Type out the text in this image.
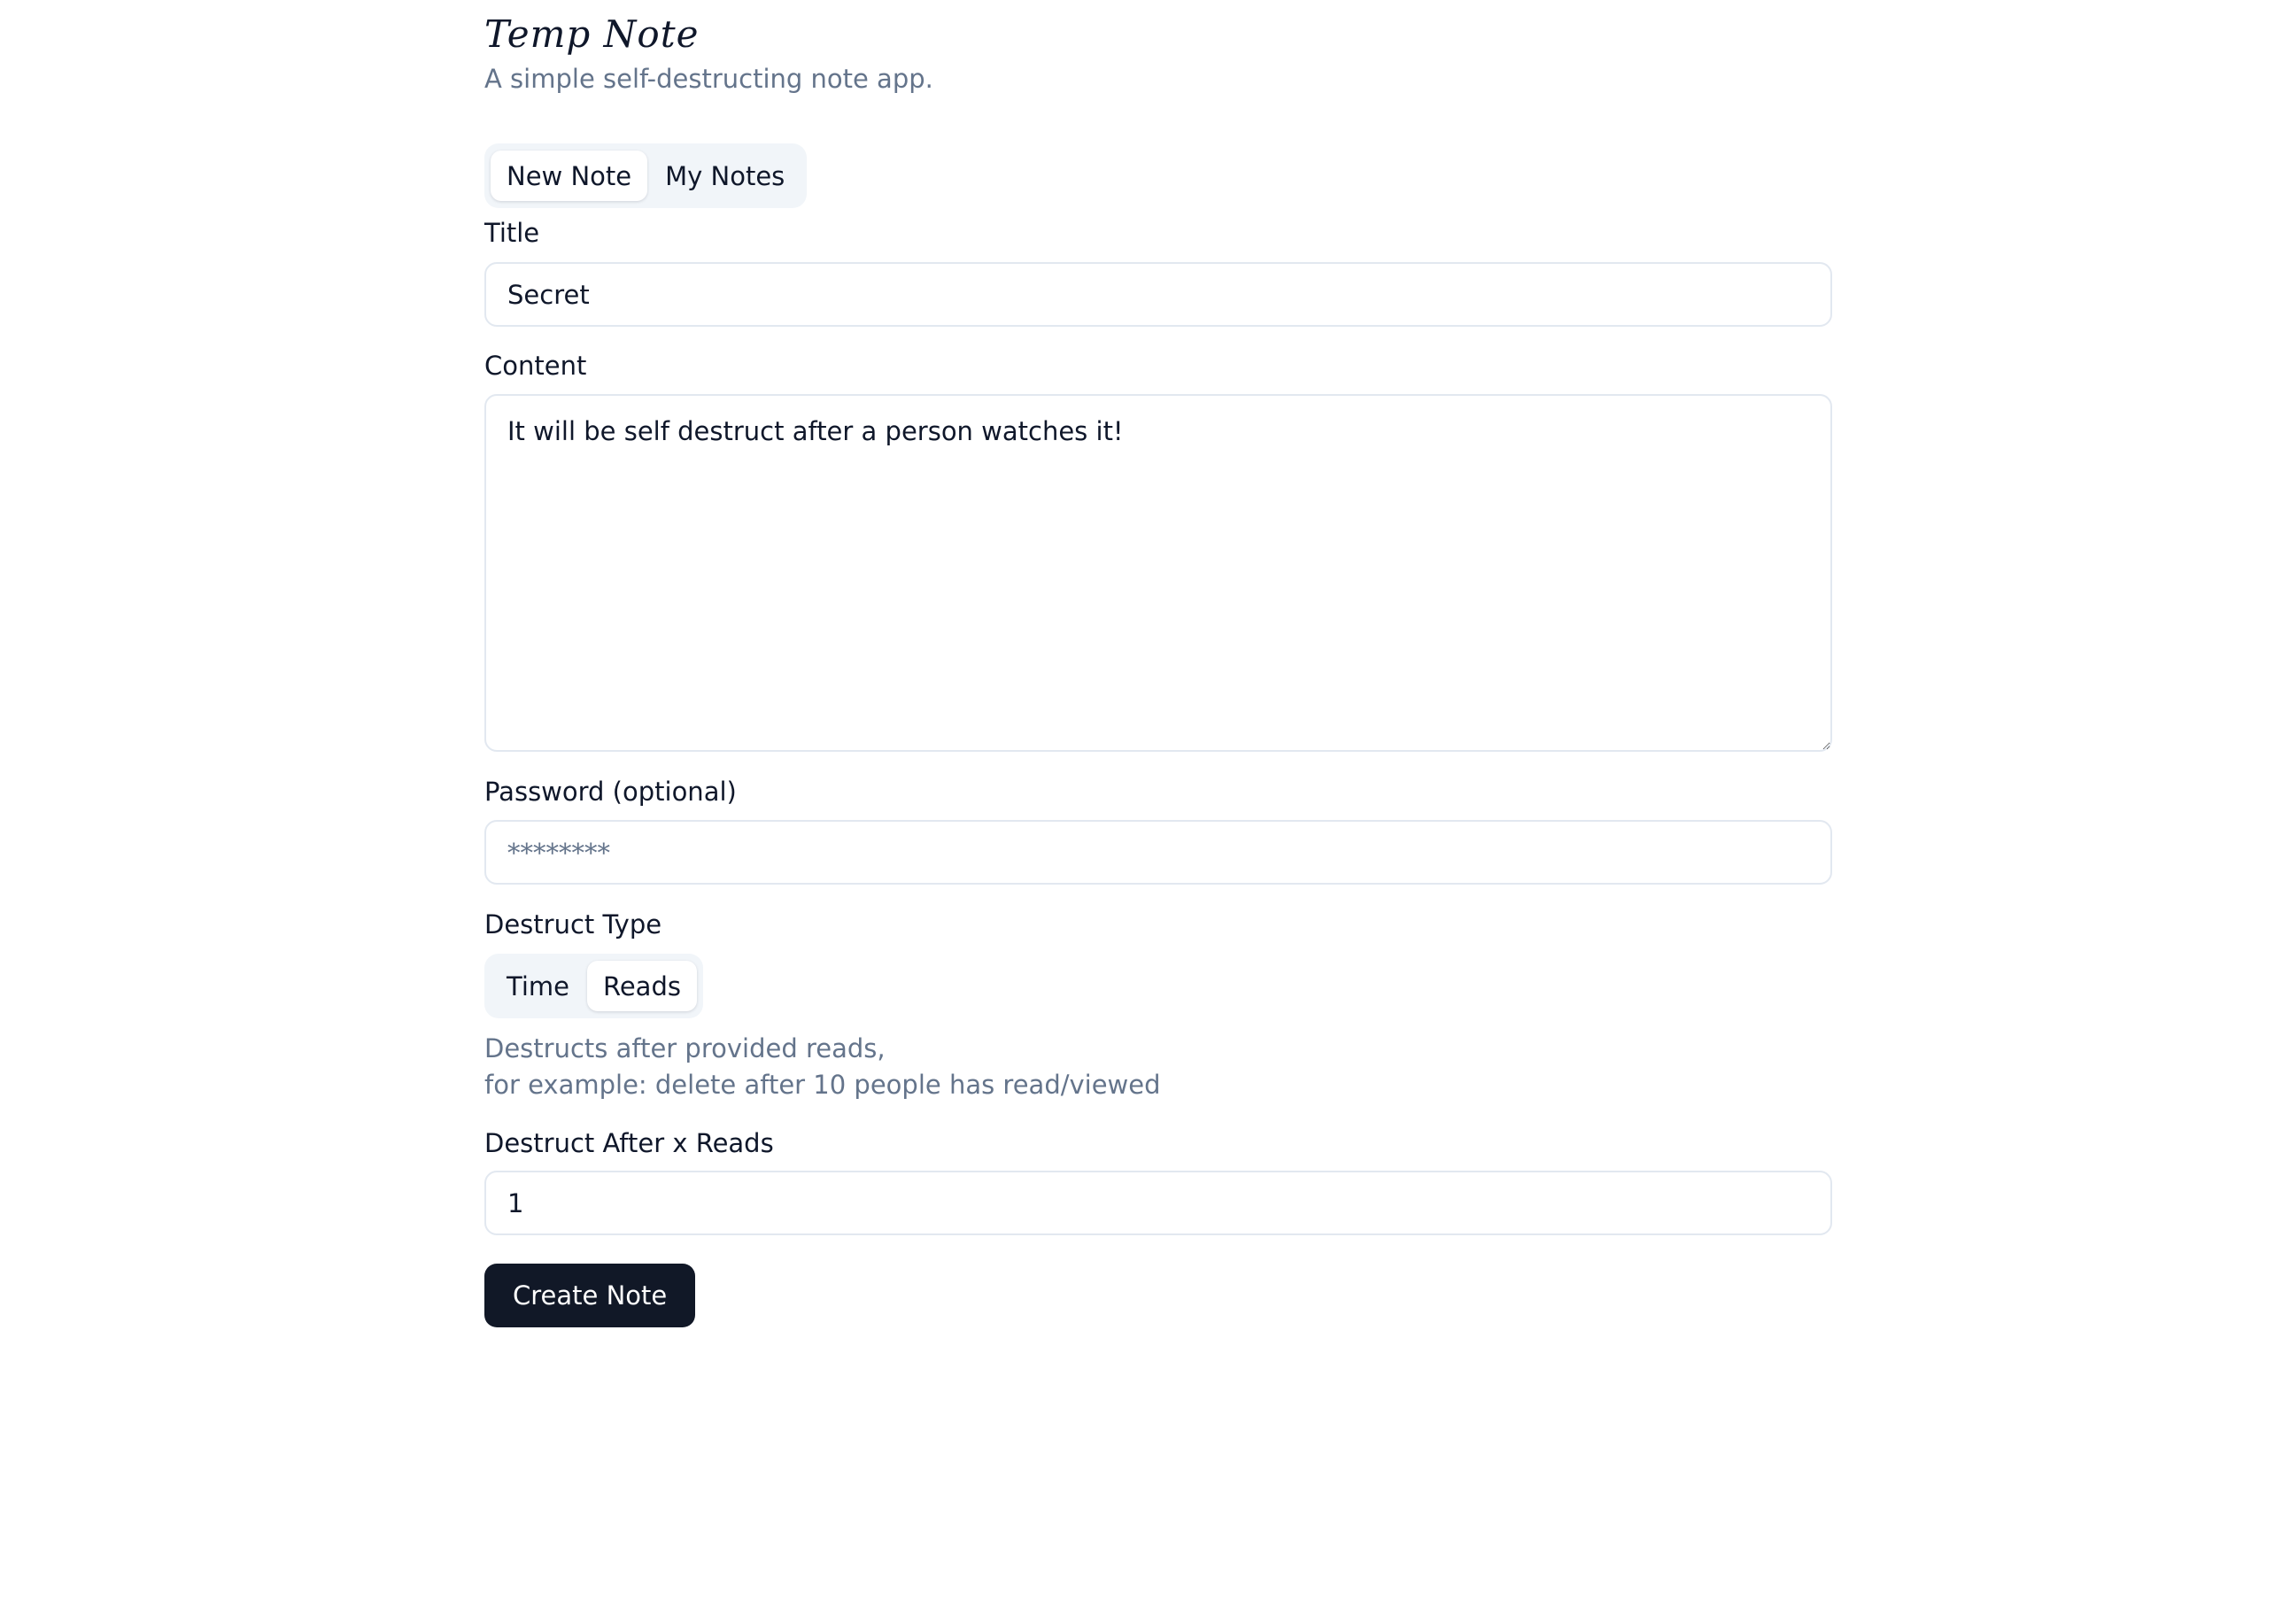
Temp Note
A simple self-destructing note app.
New Note	My Notes
Title
Secret
Content
It will be self destruct after a person watches it!
Password (optional)
Destruct Type
Time	Reads
Destructs after provided reads,
for example: delete after 10 people has read/viewed
Destruct After x Reads
1
Create Note
